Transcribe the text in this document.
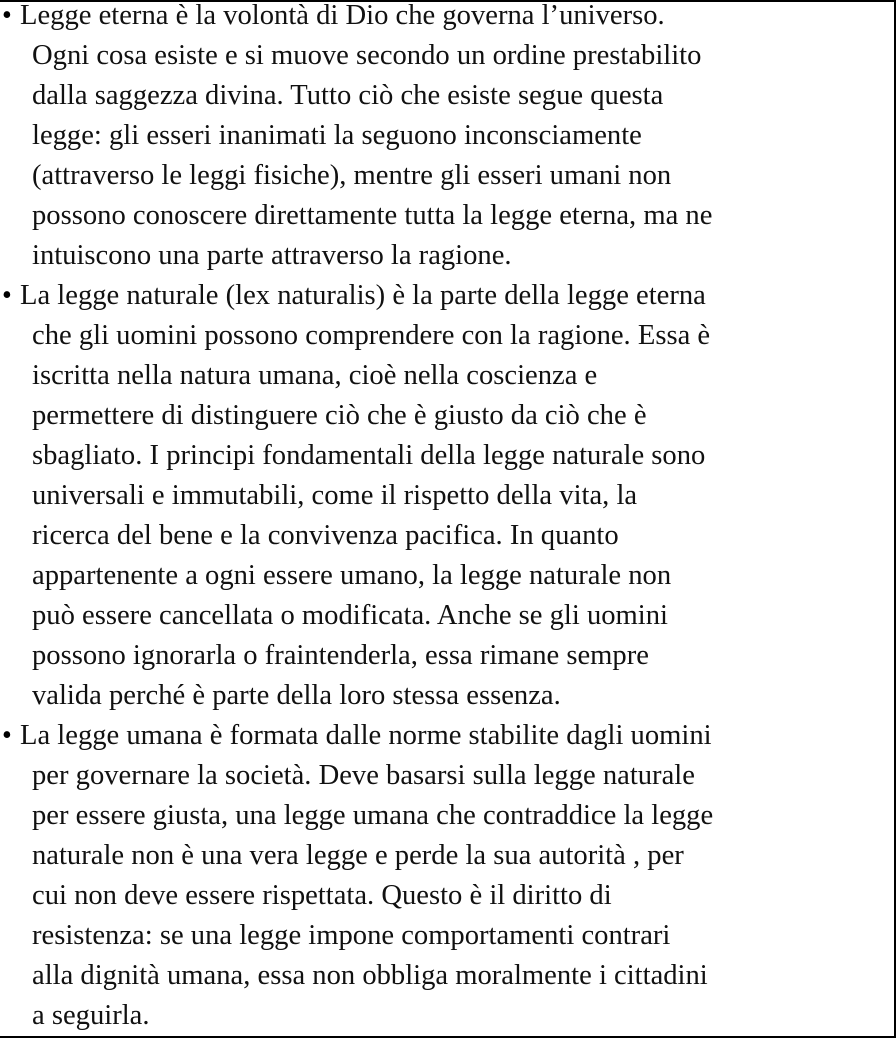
• Legge eterna è la volontà di Dio che governa l’universo.
Ogni cosa esiste e si muove secondo un ordine prestabilito
dalla saggezza divina. Tutto ciò che esiste segue questa
legge: gli esseri inanimati la seguono inconsciamente
(attraverso le leggi fisiche), mentre gli esseri umani non
possono conoscere direttamente tutta la legge eterna, ma ne
intuiscono una parte attraverso la ragione.

• La legge naturale (lex naturalis) è la parte della legge eterna
che gli uomini possono comprendere con la ragione. Essa è
iscritta nella natura umana, cioè nella coscienza e
permettere di distinguere ciò che è giusto da ciò che è
sbagliato. I principi fondamentali della legge naturale sono
universali e immutabili, come il rispetto della vita, la
ricerca del bene e la convivenza pacifica. In quanto
appartenente a ogni essere umano, la legge naturale non
può essere cancellata o modificata. Anche se gli uomini
possono ignorarla o fraintenderla, essa rimane sempre
valida perché è parte della loro stessa essenza.

• La legge umana è formata dalle norme stabilite dagli uomini
per governare la società. Deve basarsi sulla legge naturale
per essere giusta, una legge umana che contraddice la legge
naturale non è una vera legge e perde la sua autorità , per
cui non deve essere rispettata. Questo è il diritto di
resistenza: se una legge impone comportamenti contrari
alla dignità umana, essa non obbliga moralmente i cittadini
a seguirla.
